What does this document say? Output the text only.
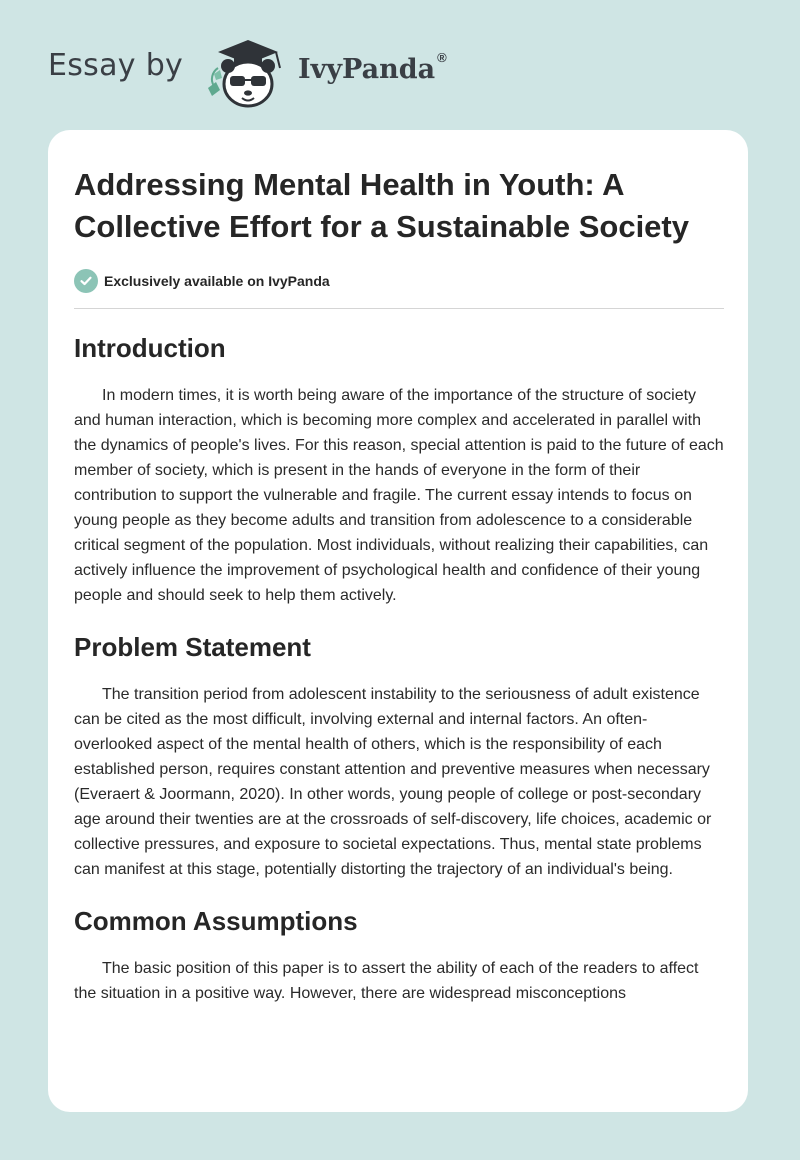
Essay by	IvyPanda ®
Addressing Mental Health in Youth: A Collective Effort for a Sustainable Society
Exclusively available on IvyPanda
Introduction

In modern times, it is worth being aware of the importance of the structure of society and human interaction, which is becoming more complex and accelerated in parallel with the dynamics of people's lives. For this reason, special attention is paid to the future of each member of society, which is present in the hands of everyone in the form of their contribution to support the vulnerable and fragile. The current essay intends to focus on young people as they become adults and transition from adolescence to a considerable critical segment of the population. Most individuals, without realizing their capabilities, can actively influence the improvement of psychological health and confidence of their young people and should seek to help them actively.

Problem Statement

The transition period from adolescent instability to the seriousness of adult existence can be cited as the most difficult, involving external and internal factors. An often-overlooked aspect of the mental health of others, which is the responsibility of each established person, requires constant attention and preventive measures when necessary (Everaert & Joormann, 2020). In other words, young people of college or post-secondary age around their twenties are at the crossroads of self-discovery, life choices, academic or collective pressures, and exposure to societal expectations. Thus, mental state problems can manifest at this stage, potentially distorting the trajectory of an individual's being.

Common Assumptions

The basic position of this paper is to assert the ability of each of the readers to affect the situation in a positive way. However, there are widespread misconceptions
